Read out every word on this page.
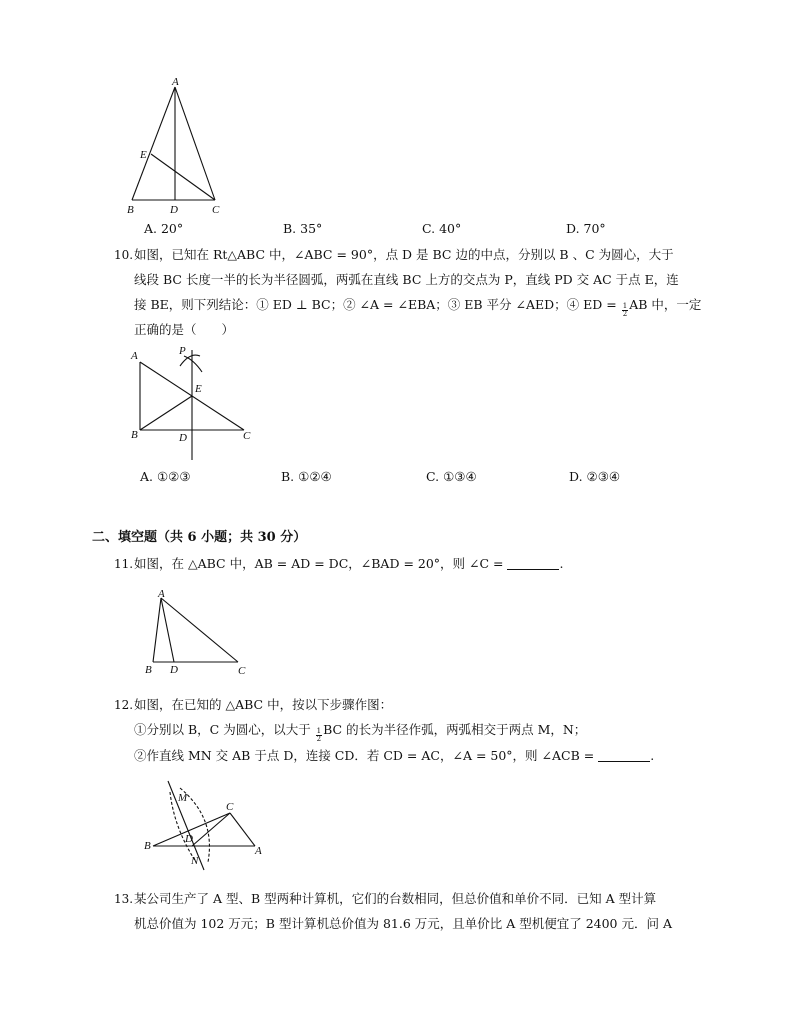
A
E
B	D	C
A. 20°	B. 35°	C. 40°	D. 70°
10. 如图，已知在 Rt△ABC 中，∠ABC = 90°，点 D 是 BC 边的中点，分别以 B 、C 为圆心，大于
线段 BC 长度一半的长为半径圆弧，两弧在直线 BC 上方的交点为 P，直线 PD 交 AC 于点 E，连
接 BE，则下列结论：① ED ⊥ BC；② ∠A = ∠EBA；③ EB 平分 ∠AED；④ ED = $\frac{1}{2}$ AB 中，一定
正确的是（　　）
A	P
E
B	D	C
A. ①②③	B. ①②④	C. ①③④	D. ②③④
二、填空题（共 6 小题；共 30 分）
11. 如图，在 △ABC 中，AB = AD = DC，∠BAD = 20°，则 ∠C =	.
A
B D	C
12. 如图，在已知的 △ABC 中，按以下步骤作图：
①分别以 B，C 为圆心，以大于 $\frac{1}{2}$ BC 的长为半径作弧，两弧相交于两点 M，N；
②作直线 MN 交 AB 于点 D，连接 CD．若 CD = AC，∠A = 50°，则 ∠ACB =	.
M
C
B
D
N
A
13. 某公司生产了 A 型、B 型两种计算机，它们的台数相同，但总价值和单价不同．已知 A 型计算
机总价值为 102 万元；B 型计算机总价值为 81.6 万元，且单价比 A 型机便宜了 2400 元．问 A
